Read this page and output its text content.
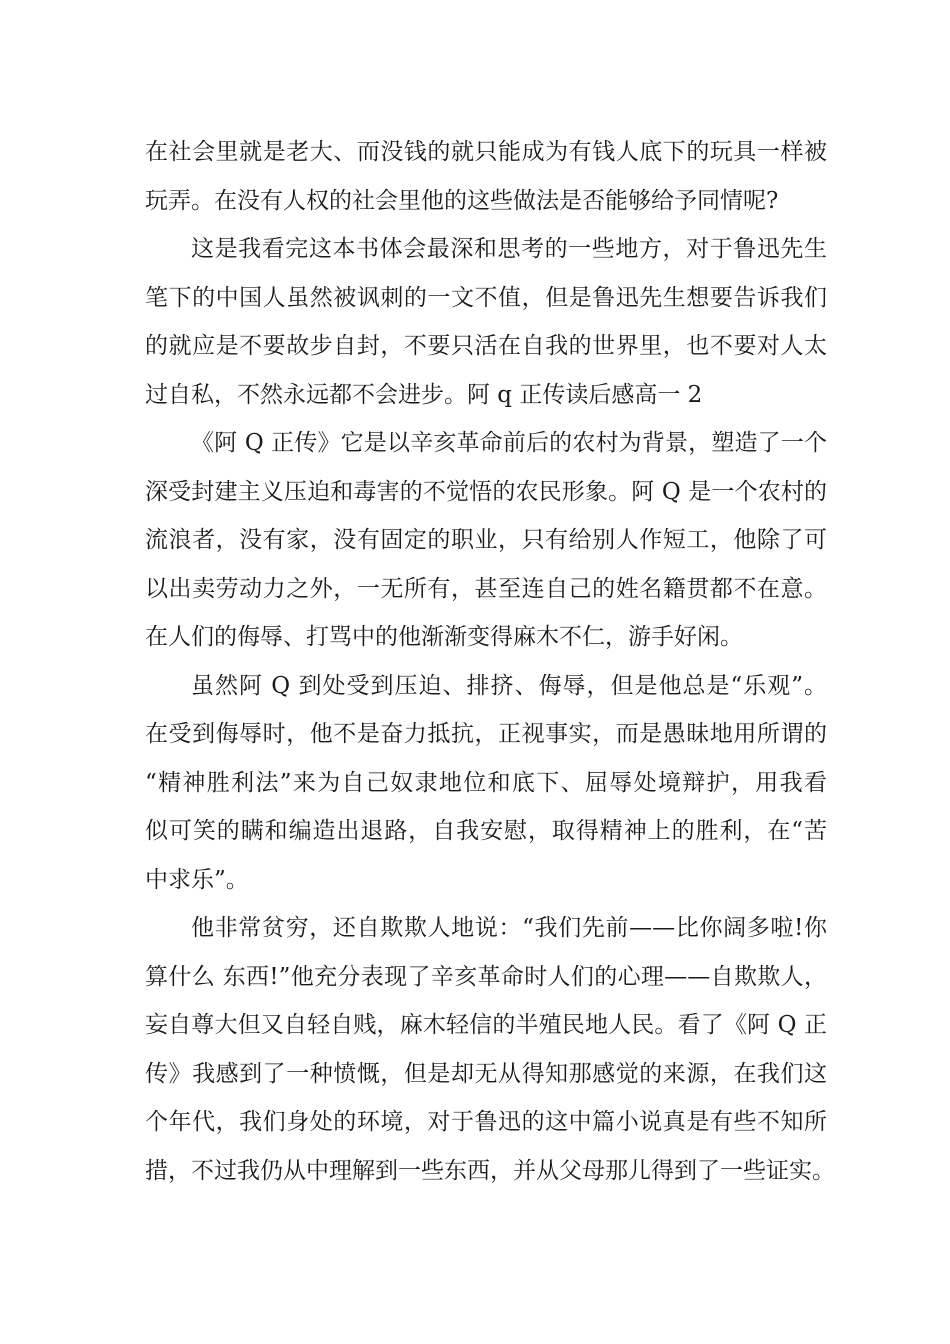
在社会里就是老大、而没钱的就只能成为有钱人底下的玩具一样被
玩弄。在没有人权的社会里他的这些做法是否能够给予同情呢?
这是我看完这本书体会最深和思考的一些地方，对于鲁迅先生
笔下的中国人虽然被讽刺的一文不值，但是鲁迅先生想要告诉我们
的就应是不要故步自封，不要只活在自我的世界里，也不要对人太
过自私，不然永远都不会进步。阿 q 正传读后感高一 2
《阿 Q 正传》它是以辛亥革命前后的农村为背景，塑造了一个
深受封建主义压迫和毒害的不觉悟的农民形象。阿 Q 是一个农村的
流浪者，没有家，没有固定的职业，只有给别人作短工，他除了可
以出卖劳动力之外，一无所有，甚至连自己的姓名籍贯都不在意。
在人们的侮辱、打骂中的他渐渐变得麻木不仁，游手好闲。
虽然阿 Q 到处受到压迫、排挤、侮辱，但是他总是“乐观”。
在受到侮辱时，他不是奋力抵抗，正视事实，而是愚昧地用所谓的
“精神胜利法”来为自己奴隶地位和底下、屈辱处境辩护，用我看
似可笑的瞒和编造出退路，自我安慰，取得精神上的胜利，在“苦
中求乐”。
他非常贫穷，还自欺欺人地说：“我们先前——比你阔多啦!你
算什么 东西!”他充分表现了辛亥革命时人们的心理——自欺欺人，
妄自尊大但又自轻自贱，麻木轻信的半殖民地人民。看了《阿 Q 正
传》我感到了一种愤慨，但是却无从得知那感觉的来源，在我们这
个年代，我们身处的环境，对于鲁迅的这中篇小说真是有些不知所
措，不过我仍从中理解到一些东西，并从父母那儿得到了一些证实。
